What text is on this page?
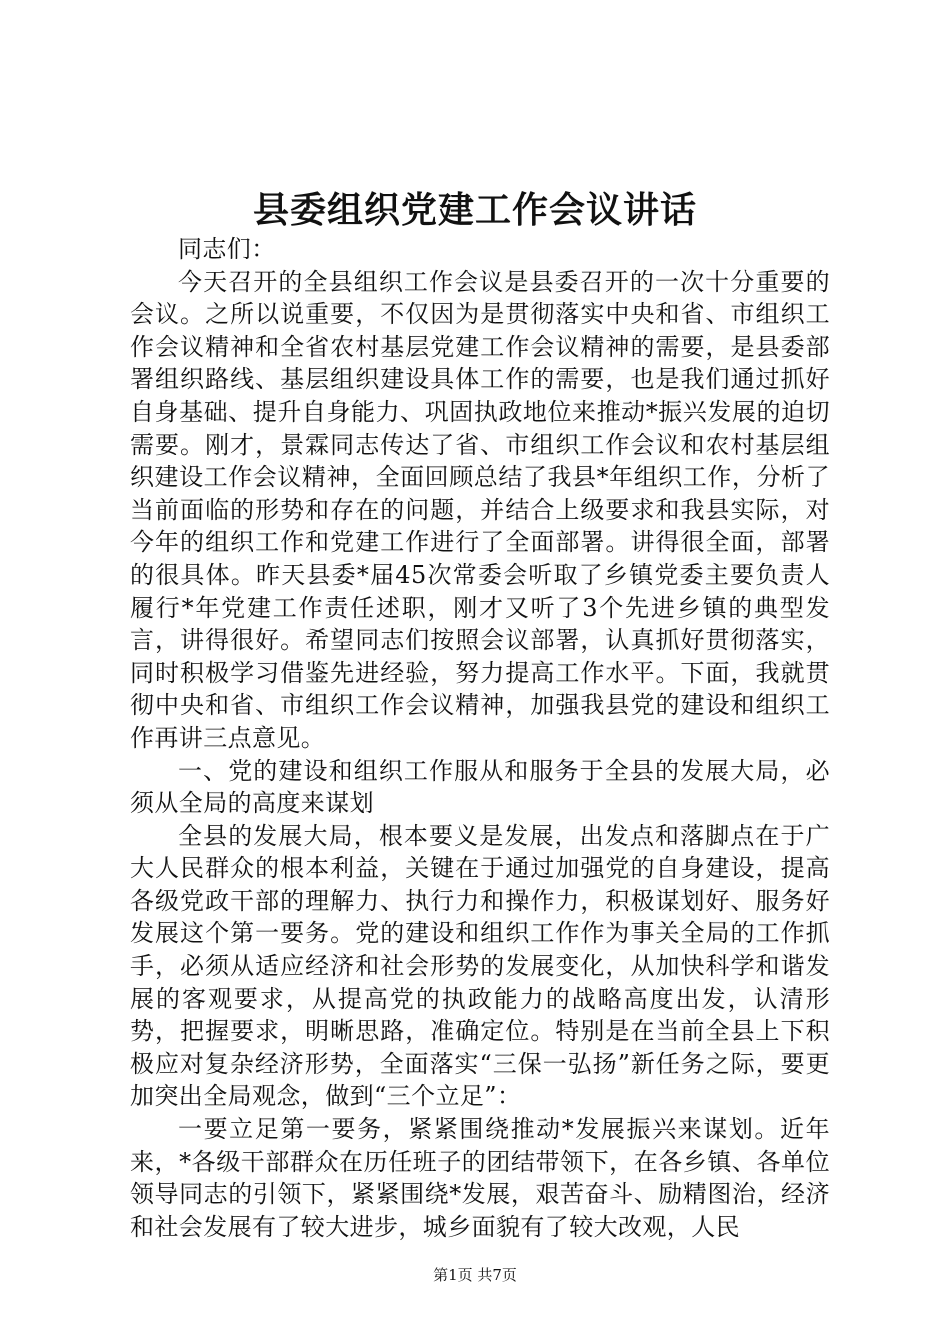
县委组织党建工作会议讲话

同志们：

今天召开的全县组织工作会议是县委召开的一次十分重要的会议。之所以说重要，不仅因为是贯彻落实中央和省、市组织工作会议精神和全省农村基层党建工作会议精神的需要，是县委部署组织路线、基层组织建设具体工作的需要，也是我们通过抓好自身基础、提升自身能力、巩固执政地位来推动*振兴发展的迫切需要。刚才，景霖同志传达了省、市组织工作会议和农村基层组织建设工作会议精神，全面回顾总结了我县*年组织工作，分析了当前面临的形势和存在的问题，并结合上级要求和我县实际，对今年的组织工作和党建工作进行了全面部署。讲得很全面，部署的很具体。昨天县委*届45次常委会听取了乡镇党委主要负责人履行*年党建工作责任述职，刚才又听了3个先进乡镇的典型发言，讲得很好。希望同志们按照会议部署，认真抓好贯彻落实，同时积极学习借鉴先进经验，努力提高工作水平。下面，我就贯彻中央和省、市组织工作会议精神，加强我县党的建设和组织工作再讲三点意见。

一、党的建设和组织工作服从和服务于全县的发展大局，必须从全局的高度来谋划

全县的发展大局，根本要义是发展，出发点和落脚点在于广大人民群众的根本利益，关键在于通过加强党的自身建设，提高各级党政干部的理解力、执行力和操作力，积极谋划好、服务好发展这个第一要务。党的建设和组织工作作为事关全局的工作抓手，必须从适应经济和社会形势的发展变化，从加快科学和谐发展的客观要求，从提高党的执政能力的战略高度出发，认清形势，把握要求，明晰思路，准确定位。特别是在当前全县上下积极应对复杂经济形势，全面落实“三保一弘扬”新任务之际，要更加突出全局观念，做到“三个立足”：

一要立足第一要务，紧紧围绕推动*发展振兴来谋划。近年来，*各级干部群众在历任班子的团结带领下，在各乡镇、各单位领导同志的引领下，紧紧围绕*发展，艰苦奋斗、励精图治，经济和社会发展有了较大进步，城乡面貌有了较大改观，人民

第1页 共7页
